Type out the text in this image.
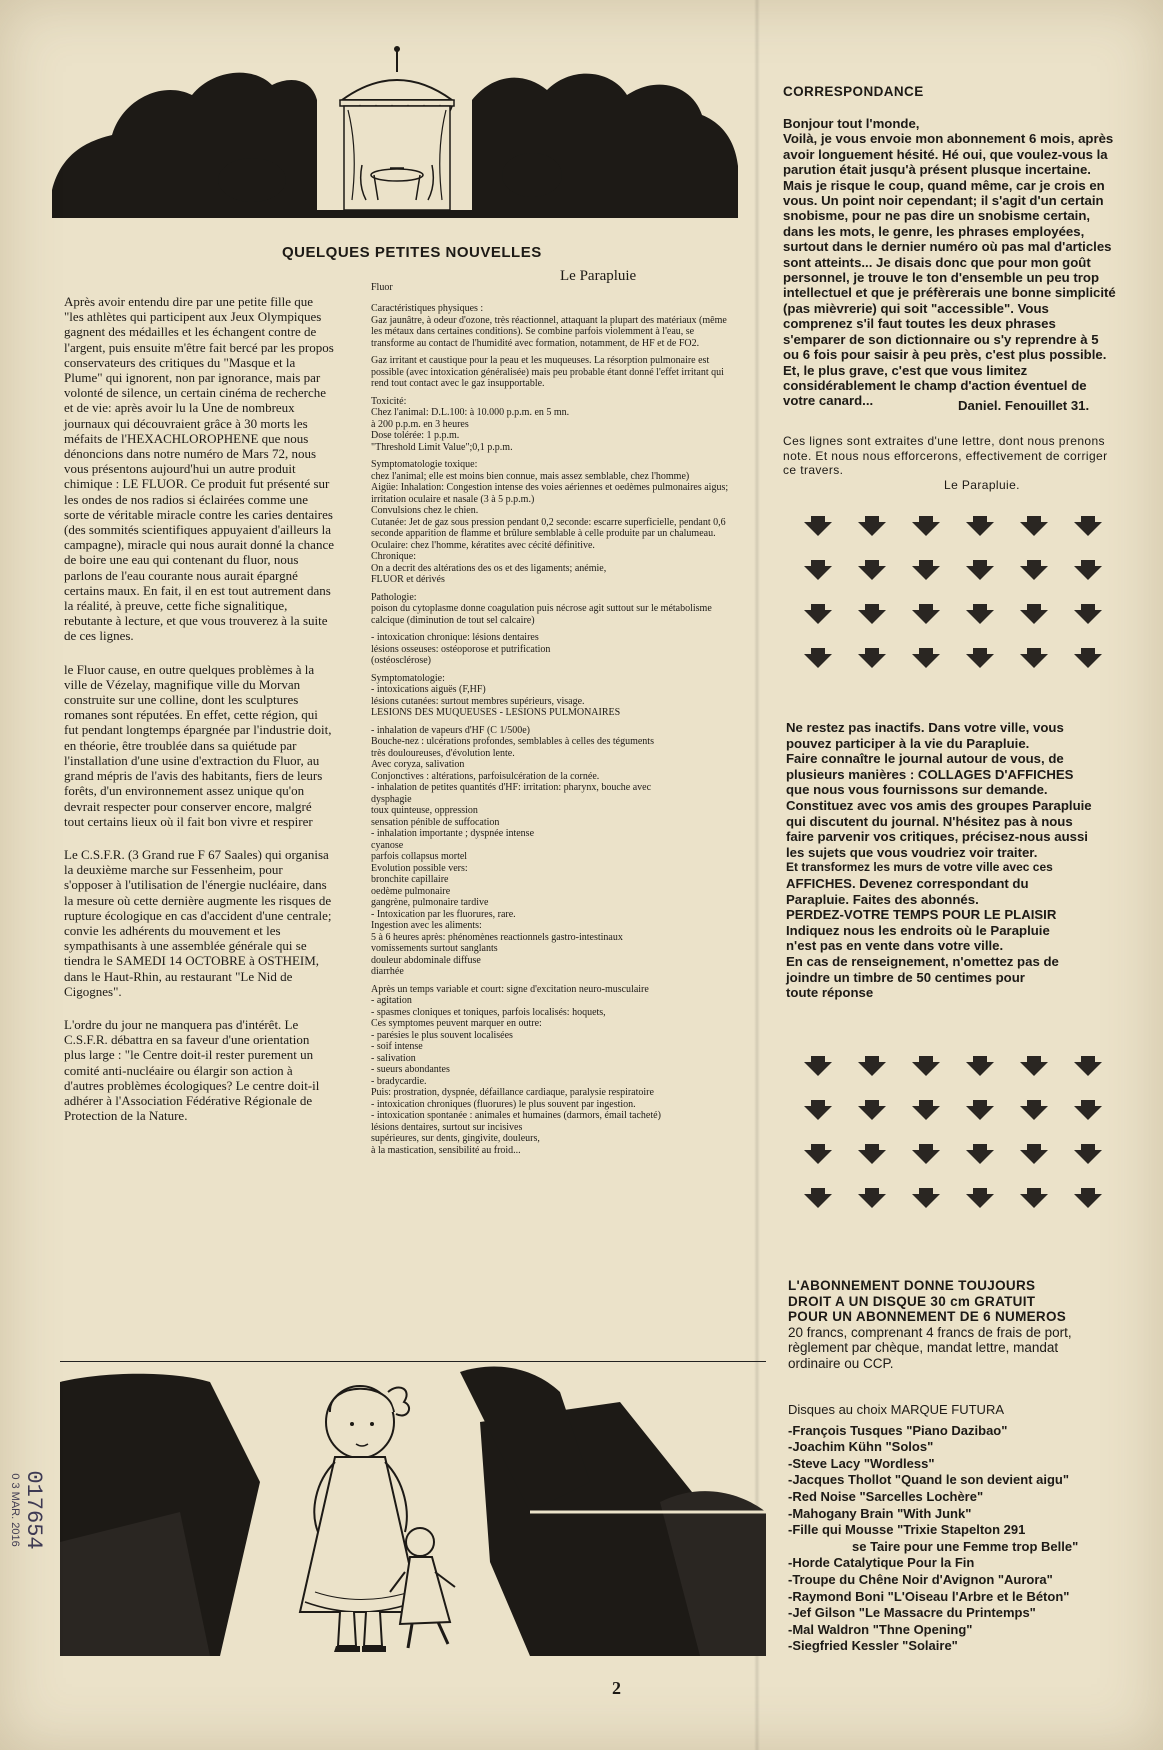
QUELQUES PETITES NOUVELLES
Le Parapluie

Après avoir entendu dire par une petite fille que "les athlètes qui participent aux Jeux Olympiques gagnent des médailles et les échangent contre de l'argent, puis ensuite m'être fait bercé par les propos conservateurs des critiques du "Masque et la Plume" qui ignorent, non par ignorance, mais par volonté de silence, un certain cinéma de recherche et de vie: après avoir lu la Une de nombreux journaux qui découvraient grâce à 30 morts les méfaits de l'HEXACHLOROPHENE que nous dénoncions dans notre numéro de Mars 72, nous vous présentons aujourd'hui un autre produit chimique : LE FLUOR. Ce produit fut présenté sur les ondes de nos radios si éclairées comme une sorte de véritable miracle contre les caries dentaires (des sommités scientifiques appuyaient d'ailleurs la campagne), miracle qui nous aurait donné la chance de boire une eau qui contenant du fluor, nous parlons de l'eau courante nous aurait épargné certains maux. En fait, il en est tout autrement dans la réalité, à preuve, cette fiche signalitique, rebutante à lecture, et que vous trouverez à la suite de ces lignes.

le Fluor cause, en outre quelques problèmes à la ville de Vézelay, magnifique ville du Morvan construite sur une colline, dont les sculptures romanes sont réputées. En effet, cette région, qui fut pendant longtemps épargnée par l'industrie doit, en théorie, être troublée dans sa quiétude par l'installation d'une usine d'extraction du Fluor, au grand mépris de l'avis des habitants, fiers de leurs forêts, d'un environnement assez unique qu'on devrait respecter pour conserver encore, malgré tout certains lieux où il fait bon vivre et respirer

Le C.S.F.R. (3 Grand rue F 67 Saales) qui organisa la deuxième marche sur Fessenheim, pour s'opposer à l'utilisation de l'énergie nucléaire, dans la mesure où cette dernière augmente les risques de rupture écologique en cas d'accident d'une centrale; convie les adhérents du mouvement et les sympathisants à une assemblée générale qui se tiendra le SAMEDI 14 OCTOBRE à OSTHEIM, dans le Haut-Rhin, au restaurant "Le Nid de Cigognes".

L'ordre du jour ne manquera pas d'intérêt. Le C.S.F.R. débattra en sa faveur d'une orientation plus large : "le Centre doit-il rester purement un comité anti-nucléaire ou élargir son action à d'autres problèmes écologiques? Le centre doit-il adhérer à l'Association Fédérative Régionale de Protection de la Nature.

Fluor

Caractéristiques physiques :
Gaz jaunâtre, à odeur d'ozone, très réactionnel, attaquant la plupart des matériaux (même les métaux dans certaines conditions). Se combine parfois violemment à l'eau, se transforme au contact de l'humidité avec formation, notamment, de HF et de FO2.

Gaz irritant et caustique pour la peau et les muqueuses. La résorption pulmonaire est possible (avec intoxication généralisée) mais peu probable étant donné l'effet irritant qui rend tout contact avec le gaz insupportable.

Toxicité:
Chez l'animal: D.L.100: à 10.000 p.p.m. en 5 mn.
à 200 p.p.m. en 3 heures
Dose tolérée: 1 p.p.m.
"Threshold Limit Value";0,1 p.p.m.

Symptomatologie toxique:
chez l'animal; elle est moins bien connue, mais assez semblable, chez l'homme)
Aigüe: Inhalation: Congestion intense des voies aériennes et oedèmes pulmonaires aigus; irritation oculaire et nasale (3 à 5 p.p.m.)
Convulsions chez le chien.
Cutanée: Jet de gaz sous pression pendant 0,2 seconde: escarre superficielle, pendant 0,6 seconde apparition de flamme et brûlure semblable à celle produite par un chalumeau.
Oculaire: chez l'homme, kératites avec cécité définitive.
Chronique:
On a decrit des altérations des os et des ligaments; anémie,
FLUOR et dérivés

Pathologie:
poison du cytoplasme donne coagulation puis nécrose agit suttout sur le métabolisme calcique (diminution de tout sel calcaire)

- intoxication chronique: lésions dentaires
lésions osseuses: ostéoporose et putrification
(ostéosclérose)

Symptomatologie:
- intoxications aiguës (F,HF)
lésions cutanées: surtout membres supérieurs, visage.
LESIONS DES MUQUEUSES - LESIONS PULMONAIRES

- inhalation de vapeurs d'HF (C 1/500e)
Bouche-nez : ulcérations profondes, semblables à celles des téguments
très douloureuses, d'évolution lente.
Avec coryza, salivation
Conjonctives : altérations, parfoisulcération de la cornée.
- inhalation de petites quantités d'HF: irritation: pharynx, bouche avec
dysphagie
toux quinteuse, oppression
sensation pénible de suffocation
- inhalation importante ; dyspnée intense
cyanose
parfois collapsus mortel
Evolution possible vers:
bronchite capillaire
oedème pulmonaire
gangrène, pulmonaire tardive
- Intoxication par les fluorures, rare.
Ingestion avec les aliments:
5 à 6 heures après: phénomènes reactionnels gastro-intestinaux
vomissements surtout sanglants
douleur abdominale diffuse
diarrhée

Après un temps variable et court: signe d'excitation neuro-musculaire
- agitation
- spasmes cloniques et toniques, parfois localisés: hoquets,
Ces symptomes peuvent marquer en outre:
- parésies le plus souvent localisées
- soif intense
- salivation
- sueurs abondantes
- bradycardie.
Puis: prostration, dyspnée, défaillance cardiaque, paralysie respiratoire
- intoxication chroniques (fluorures) le plus souvent par ingestion.
- intoxication spontanée : animales et humaines (darmors, émail tacheté)
lésions dentaires, surtout sur incisives
supérieures, sur dents, gingivite, douleurs,
à la mastication, sensibilité au froid...

CORRESPONDANCE
Bonjour tout l'monde,
Voilà, je vous envoie mon abonnement 6 mois, après avoir longuement hésité. Hé oui, que voulez-vous la parution était jusqu'à présent plusque incertaine. Mais je risque le coup, quand même, car je crois en vous. Un point noir cependant; il s'agit d'un certain snobisme, pour ne pas dire un snobisme certain, dans les mots, le genre, les phrases employées, surtout dans le dernier numéro où pas mal d'articles sont atteints... Je disais donc que pour mon goût personnel, je trouve le ton d'ensemble un peu trop intellectuel et que je préfèrerais une bonne simplicité (pas mièvrerie) qui soit "accessible". Vous comprenez s'il faut toutes les deux phrases s'emparer de son dictionnaire ou s'y reprendre à 5 ou 6 fois pour saisir à peu près, c'est plus possible. Et, le plus grave, c'est que vous limitez considérablement le champ d'action éventuel de votre canard...	Daniel. Fenouillet 31.
Ces lignes sont extraites d'une lettre, dont nous prenons note. Et nous nous efforcerons, effectivement de corriger ce travers.
Le Parapluie.
Ne restez pas inactifs. Dans votre ville, vous
pouvez participer à la vie du Parapluie.
Faire connaître le journal autour de vous, de
plusieurs manières : COLLAGES D'AFFICHES
que nous vous fournissons sur demande.
Constituez avec vos amis des groupes Parapluie
qui discutent du journal. N'hésitez pas à nous
faire parvenir vos critiques, précisez-nous aussi
les sujets que vous voudriez voir traiter.
Et transformez les murs de votre ville avec ces
AFFICHES. Devenez correspondant du
Parapluie. Faites des abonnés.
PERDEZ-VOTRE TEMPS POUR LE PLAISIR
Indiquez nous les endroits où le Parapluie
n'est pas en vente dans votre ville.
En cas de renseignement, n'omettez pas de
joindre un timbre de 50 centimes pour
toute réponse
L'ABONNEMENT DONNE TOUJOURS
DROIT A UN DISQUE 30 cm GRATUIT
POUR UN ABONNEMENT DE 6 NUMEROS
20 francs, comprenant 4 francs de frais de port,
règlement par chèque, mandat lettre, mandat
ordinaire ou CCP.
Disques au choix MARQUE FUTURA
-François Tusques "Piano Dazibao"
-Joachim Kühn "Solos"
-Steve Lacy "Wordless"
-Jacques Thollot "Quand le son devient aigu"
-Red Noise "Sarcelles Lochère"
-Mahogany Brain "With Junk"
-Fille qui Mousse "Trixie Stapelton 291
se Taire pour une Femme trop Belle"
-Horde Catalytique Pour la Fin
-Troupe du Chêne Noir d'Avignon "Aurora"
-Raymond Boni "L'Oiseau l'Arbre et le Béton"
-Jef Gilson "Le Massacre du Printemps"
-Mal Waldron "Thne Opening"
-Siegfried Kessler "Solaire"
017654
0 3 MAR. 2016
2
